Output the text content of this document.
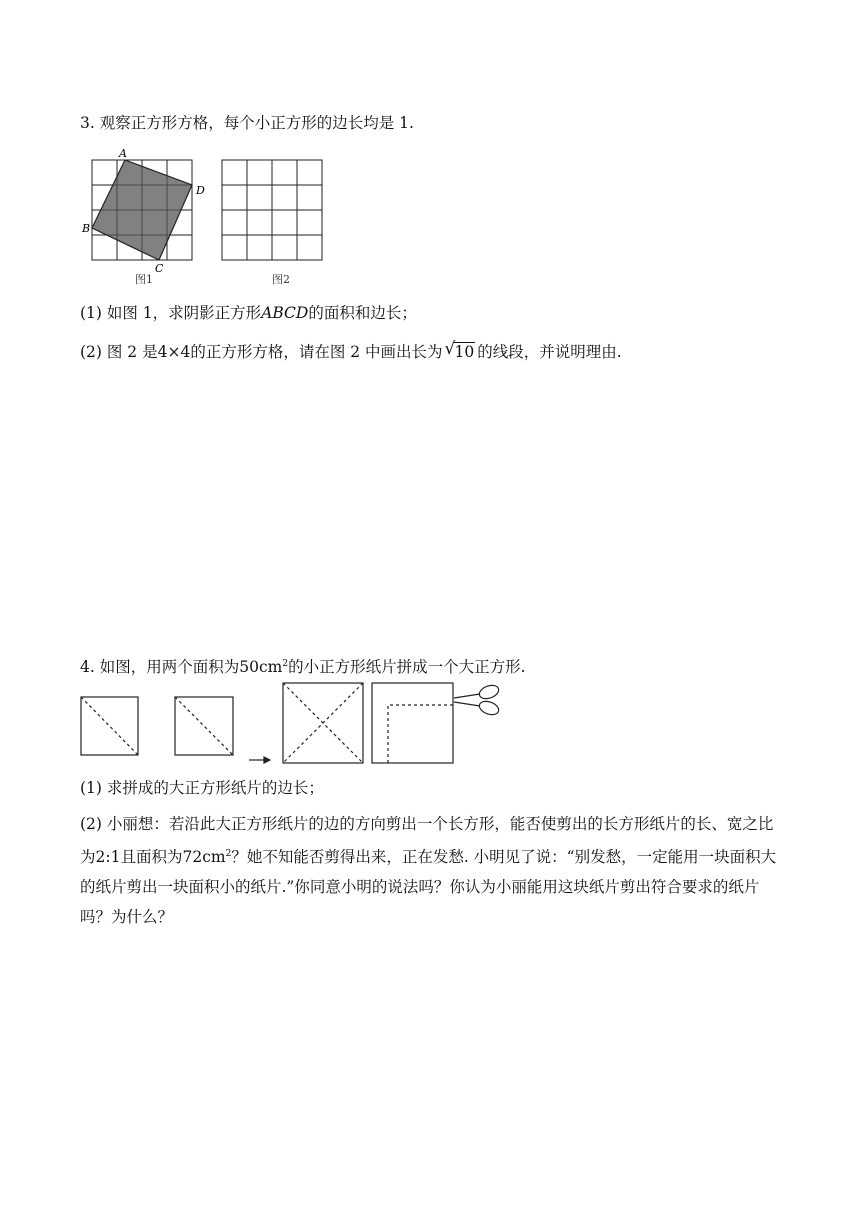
3. 观察正方形方格，每个小正方形的边长均是 1.
A
D
B
C
图1	图2
(1) 如图 1，求阴影正方形ABCD的面积和边长；
(2) 图 2 是4×4的正方形方格，请在图 2 中画出长为 √ 10 的线段，并说明理由.
4. 如图，用两个面积为$50cm^2$的小正方形纸片拼成一个大正方形.
(1) 求拼成的大正方形纸片的边长；
(2) 小丽想：若沿此大正方形纸片的边的方向剪出一个长方形，能否使剪出的长方形纸片的长、宽之比为2:1且面积为$72cm^2$？她不知能否剪得出来，正在发愁. 小明见了说：“别发愁，一定能用一块面积大的纸片剪出一块面积小的纸片.”你同意小明的说法吗？你认为小丽能用这块纸片剪出符合要求的纸片吗？为什么？
